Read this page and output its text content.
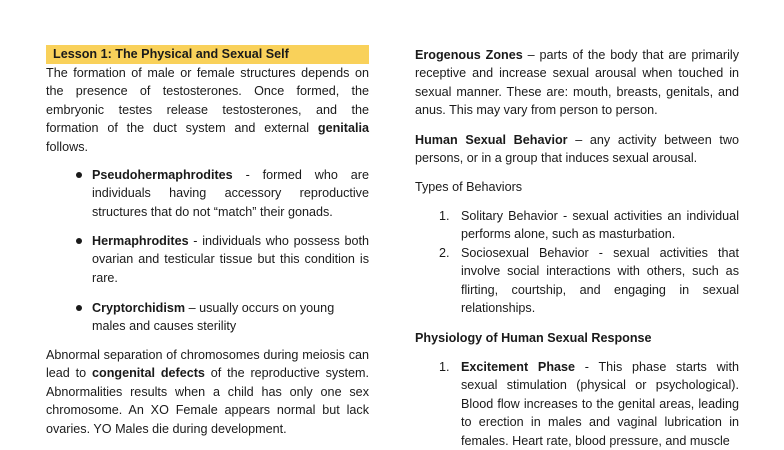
Lesson 1: The Physical and Sexual Self

The formation of male or female structures depends on the presence of testosterones. Once formed, the embryonic testes release testosterones, and the formation of the duct system and external genitalia follows.

Pseudohermaphrodites - formed who are individuals having accessory reproductive structures that do not “match” their gonads.

Hermaphrodites - individuals who possess both ovarian and testicular tissue but this condition is rare.

Cryptorchidism – usually occurs on young males and causes sterility

Abnormal separation of chromosomes during meiosis can lead to congenital defects of the reproductive system. Abnormalities results when a child has only one sex chromosome. An XO Female appears normal but lack ovaries. YO Males die during development.

Erogenous Zones – parts of the body that are primarily receptive and increase sexual arousal when touched in sexual manner. These are: mouth, breasts, genitals, and anus. This may vary from person to person.

Human Sexual Behavior – any activity between two persons, or in a group that induces sexual arousal.

Types of Behaviors

1. Solitary Behavior - sexual activities an individual performs alone, such as masturbation.

2. Sociosexual Behavior - sexual activities that involve social interactions with others, such as flirting, courtship, and engaging in sexual relationships.

Physiology of Human Sexual Response

1. Excitement Phase - This phase starts with sexual stimulation (physical or psychological). Blood flow increases to the genital areas, leading to erection in males and vaginal lubrication in females. Heart rate, blood pressure, and muscle
